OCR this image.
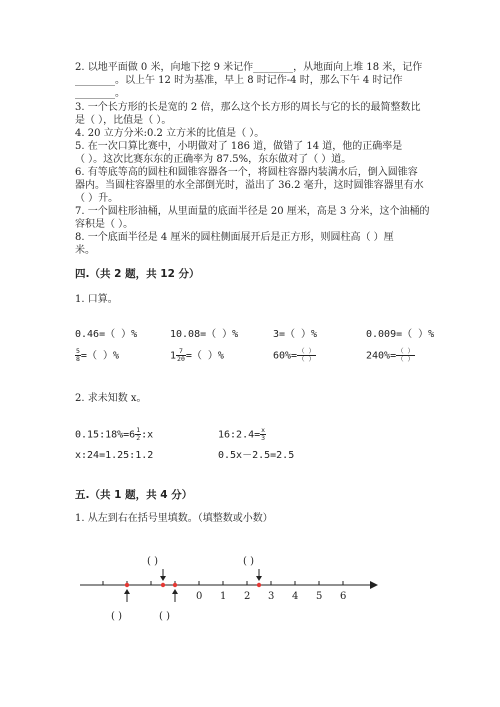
2. 以地平面做 0 米，向地下挖 9 米记作________，从地面向上堆 18 米，记作
________。以上午 12 时为基准，早上 8 时记作-4 时，那么下午 4 时记作
________。
3. 一个长方形的长是宽的 2 倍，那么这个长方形的周长与它的长的最简整数比
是（ ），比值是（ ）。
4. 20 立方分米:0.2 立方米的比值是（ ）。
5. 在一次口算比赛中，小明做对了 186 道，做错了 14 道，他的正确率是
（ ）。这次比赛东东的正确率为 87.5%，东东做对了（ ）道。
6. 有等底等高的圆柱和圆锥容器各一个，将圆柱容器内装满水后，倒入圆锥容
器内。当圆柱容器里的水全部倒光时，溢出了 36.2 毫升，这时圆锥容器里有水
（ ）升。
7. 一个圆柱形油桶，从里面量的底面半径是 20 厘米，高是 3 分米，这个油桶的
容积是（ ）。
8. 一个底面半径是 4 厘米的圆柱侧面展开后是正方形，则圆柱高（ ）厘
米。
四.（共 2 题，共 12 分）
1. 口算。
0.46=（ ）%	10.08=（ ）%	3=（ ）%	0.009=（ ）%
$\frac{5}{8}$ =（ ）%	$1 \frac{7}{20}$ =（ ）%	$60\%= \frac{( )}{( )}$	$240\%= \frac{( )}{( )}$
2. 求未知数 x。
0.15:18%=6 $\frac{1}{2}$ :x	16:2.4= $\frac{x}{3}$
x:24=1.25:1.2	0.5x－2.5=2.5
五.（共 1 题，共 4 分）
1. 从左到右在括号里填数。（填整数或小数）
( )	( )
( )	( )
0 1 2 3 4 5 6
